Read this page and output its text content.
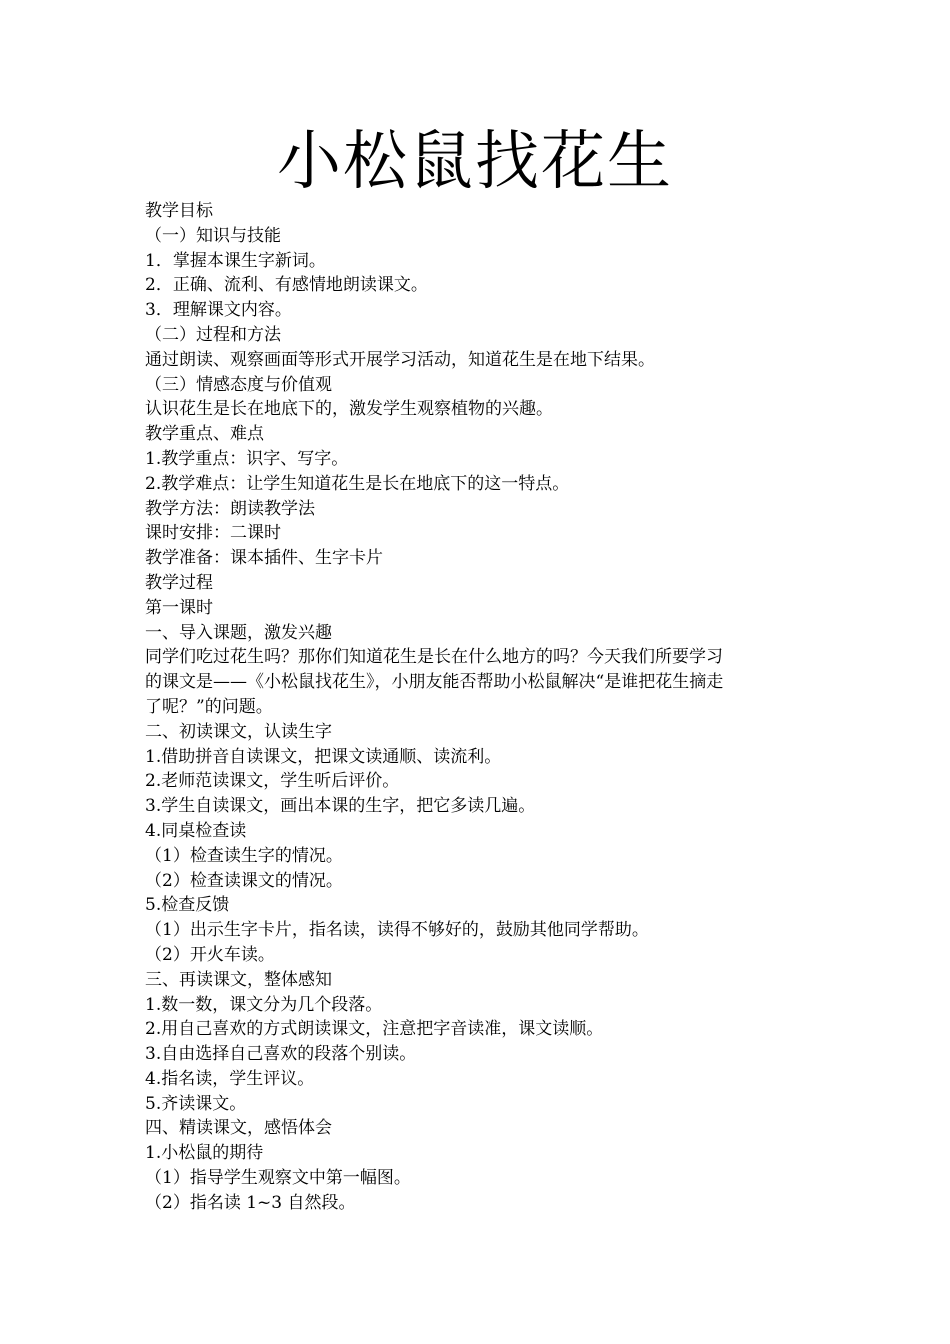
小松鼠找花生
教学目标
（一）知识与技能
1．掌握本课生字新词。
2．正确、流利、有感情地朗读课文。
3．理解课文内容。
（二）过程和方法
通过朗读、观察画面等形式开展学习活动，知道花生是在地下结果。
（三）情感态度与价值观
认识花生是长在地底下的，激发学生观察植物的兴趣。
教学重点、难点
1.教学重点：识字、写字。
2.教学难点：让学生知道花生是长在地底下的这一特点。
教学方法：朗读教学法
课时安排：二课时
教学准备：课本插件、生字卡片
教学过程
第一课时
一、导入课题，激发兴趣
同学们吃过花生吗？那你们知道花生是长在什么地方的吗？今天我们所要学习
的课文是——《小松鼠找花生》，小朋友能否帮助小松鼠解决“是谁把花生摘走
了呢？”的问题。
二、初读课文，认读生字
1.借助拼音自读课文，把课文读通顺、读流利。
2.老师范读课文，学生听后评价。
3.学生自读课文，画出本课的生字，把它多读几遍。
4.同桌检查读
（1）检查读生字的情况。
（2）检查读课文的情况。
5.检查反馈
（1）出示生字卡片，指名读，读得不够好的，鼓励其他同学帮助。
（2）开火车读。
三、再读课文，整体感知
1.数一数，课文分为几个段落。
2.用自己喜欢的方式朗读课文，注意把字音读准，课文读顺。
3.自由选择自己喜欢的段落个别读。
4.指名读，学生评议。
5.齐读课文。
四、精读课文，感悟体会
1.小松鼠的期待
（1）指导学生观察文中第一幅图。
（2）指名读 1~3 自然段。
